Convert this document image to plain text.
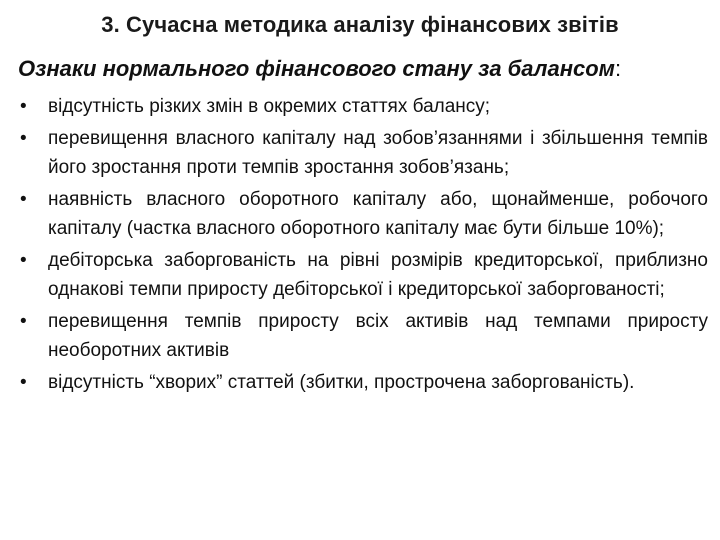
3. Сучасна методика аналізу фінансових звітів
Ознаки нормального фінансового стану за балансом:
• відсутність різких змін в окремих статтях балансу;
• перевищення власного капіталу над зобов’язаннями і збільшення темпів його зростання проти темпів зростання зобов’язань;
• наявність власного оборотного капіталу або, щонайменше, робочого капіталу (частка власного оборотного капіталу має бути більше 10%);
• дебіторська заборгованість на рівні розмірів кредиторської, приблизно однакові темпи приросту дебіторської і кредиторської заборгованості;
• перевищення темпів приросту всіх активів над темпами приросту необоротних активів
• відсутність “хворих” статтей (збитки, прострочена заборгованість).
